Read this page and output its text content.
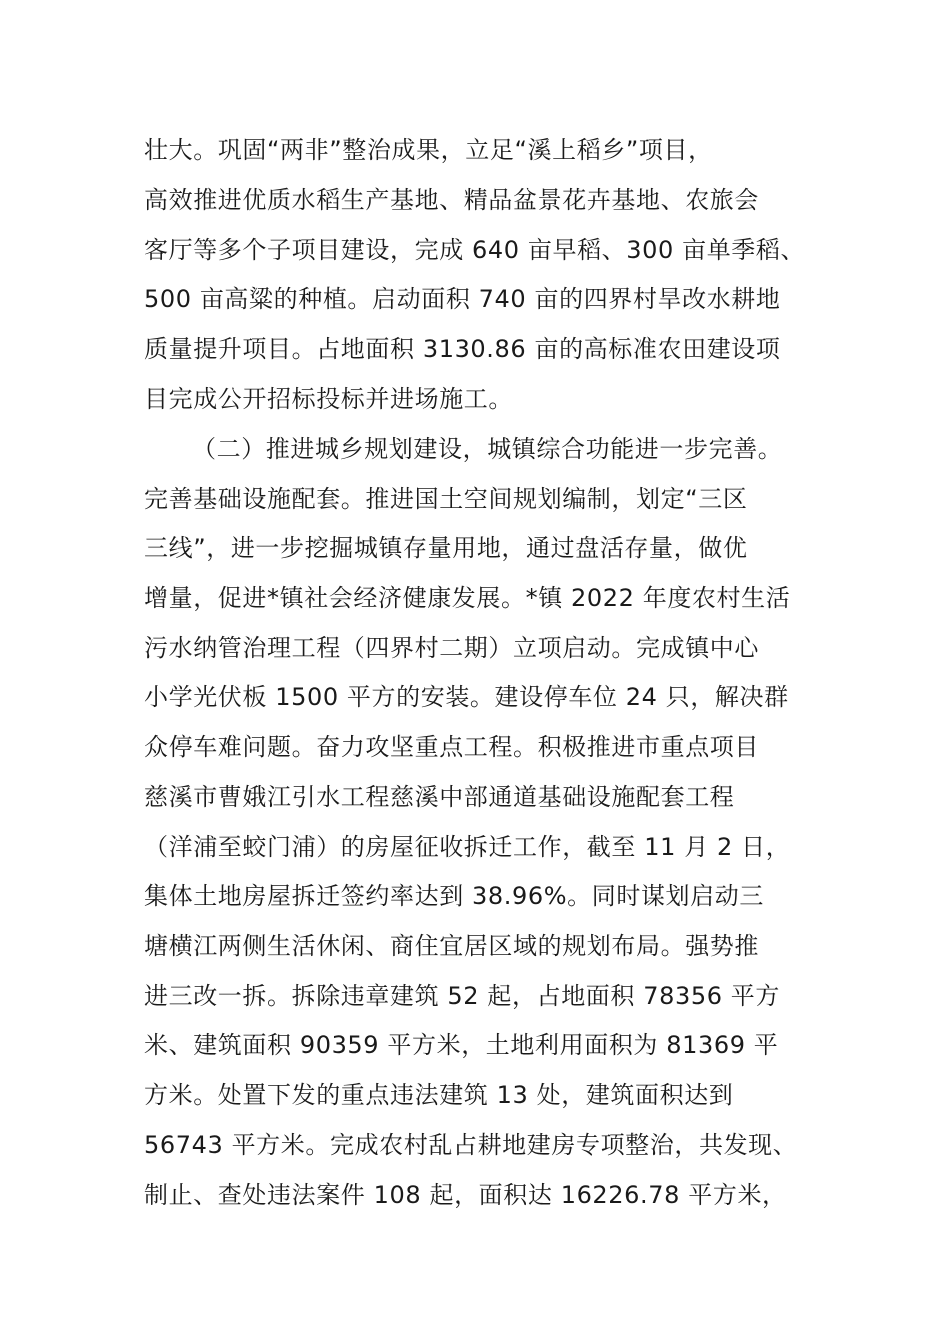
壮大。巩固“两非”整治成果，立足“溪上稻乡”项目，
高效推进优质水稻生产基地、精品盆景花卉基地、农旅会
客厅等多个子项目建设，完成 640 亩早稻、300 亩单季稻、
500 亩高粱的种植。启动面积 740 亩的四界村旱改水耕地
质量提升项目。占地面积 3130.86 亩的高标准农田建设项
目完成公开招标投标并进场施工。
（二）推进城乡规划建设，城镇综合功能进一步完善。
完善基础设施配套。推进国土空间规划编制，划定“三区
三线”，进一步挖掘城镇存量用地，通过盘活存量，做优
增量，促进*镇社会经济健康发展。*镇 2022 年度农村生活
污水纳管治理工程（四界村二期）立项启动。完成镇中心
小学光伏板 1500 平方的安装。建设停车位 24 只，解决群
众停车难问题。奋力攻坚重点工程。积极推进市重点项目
慈溪市曹娥江引水工程慈溪中部通道基础设施配套工程
（洋浦至蛟门浦）的房屋征收拆迁工作，截至 11 月 2 日，
集体土地房屋拆迁签约率达到 38.96%。同时谋划启动三
塘横江两侧生活休闲、商住宜居区域的规划布局。强势推
进三改一拆。拆除违章建筑 52 起，占地面积 78356 平方
米、建筑面积 90359 平方米，土地利用面积为 81369 平
方米。处置下发的重点违法建筑 13 处，建筑面积达到
56743 平方米。完成农村乱占耕地建房专项整治，共发现、
制止、查处违法案件 108 起，面积达 16226.78 平方米，
